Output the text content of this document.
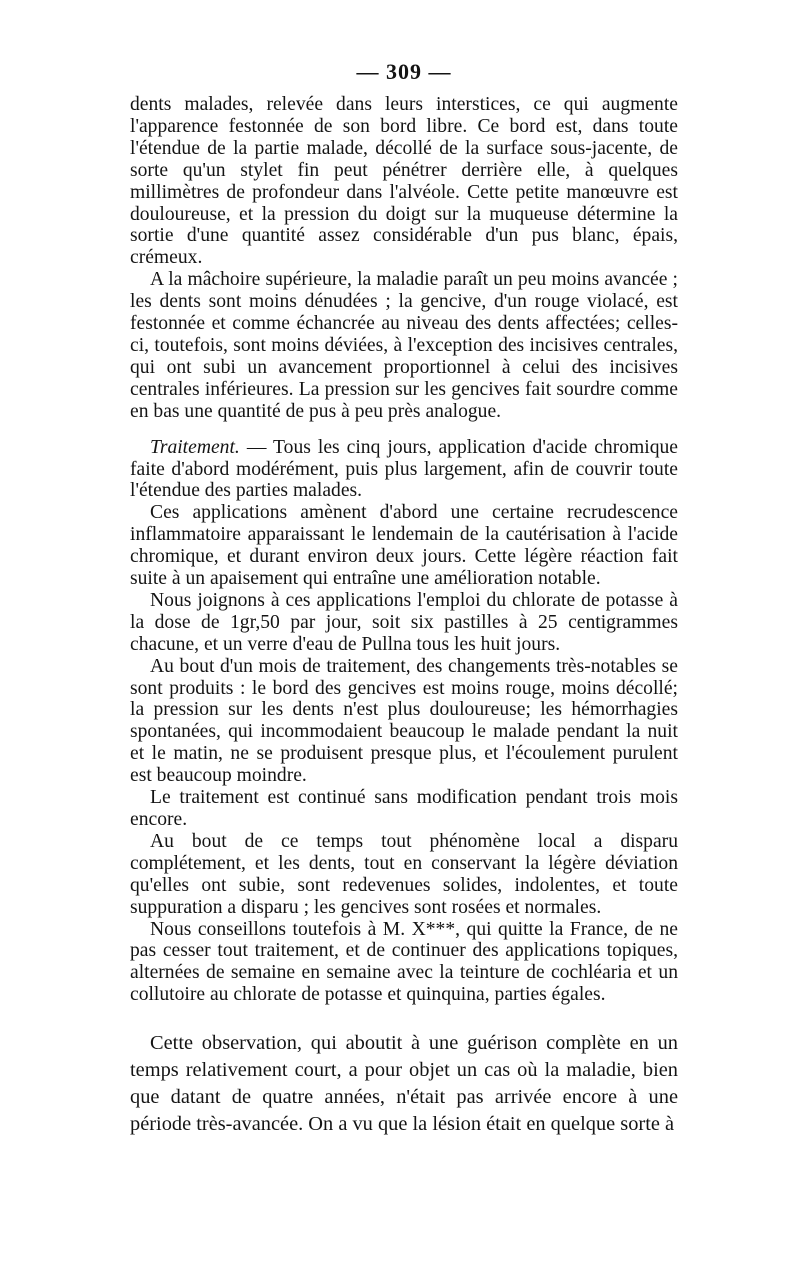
— 309 —

dents malades, relevée dans leurs interstices, ce qui augmente l'apparence festonnée de son bord libre. Ce bord est, dans toute l'étendue de la partie malade, décollé de la surface sous-jacente, de sorte qu'un stylet fin peut pénétrer derrière elle, à quelques millimètres de profondeur dans l'alvéole. Cette petite manœuvre est douloureuse, et la pression du doigt sur la muqueuse détermine la sortie d'une quantité assez considérable d'un pus blanc, épais, crémeux.

A la mâchoire supérieure, la maladie paraît un peu moins avancée ; les dents sont moins dénudées ; la gencive, d'un rouge violacé, est festonnée et comme échancrée au niveau des dents affectées; celles-ci, toutefois, sont moins déviées, à l'exception des incisives centrales, qui ont subi un avancement proportionnel à celui des incisives centrales inférieures. La pression sur les gencives fait sourdre comme en bas une quantité de pus à peu près analogue.

Traitement. — Tous les cinq jours, application d'acide chromique faite d'abord modérément, puis plus largement, afin de couvrir toute l'étendue des parties malades.

Ces applications amènent d'abord une certaine recrudescence inflammatoire apparaissant le lendemain de la cautérisation à l'acide chromique, et durant environ deux jours. Cette légère réaction fait suite à un apaisement qui entraîne une amélioration notable.

Nous joignons à ces applications l'emploi du chlorate de potasse à la dose de 1gr,50 par jour, soit six pastilles à 25 centigrammes chacune, et un verre d'eau de Pullna tous les huit jours.

Au bout d'un mois de traitement, des changements très-notables se sont produits : le bord des gencives est moins rouge, moins décollé; la pression sur les dents n'est plus douloureuse; les hémorrhagies spontanées, qui incommodaient beaucoup le malade pendant la nuit et le matin, ne se produisent presque plus, et l'écoulement purulent est beaucoup moindre.

Le traitement est continué sans modification pendant trois mois encore.

Au bout de ce temps tout phénomène local a disparu complétement, et les dents, tout en conservant la légère déviation qu'elles ont subie, sont redevenues solides, indolentes, et toute suppuration a disparu ; les gencives sont rosées et normales.

Nous conseillons toutefois à M. X***, qui quitte la France, de ne pas cesser tout traitement, et de continuer des applications topiques, alternées de semaine en semaine avec la teinture de cochléaria et un collutoire au chlorate de potasse et quinquina, parties égales.

Cette observation, qui aboutit à une guérison complète en un temps relativement court, a pour objet un cas où la maladie, bien que datant de quatre années, n'était pas arrivée encore à une période très-avancée. On a vu que la lésion était en quelque sorte à
